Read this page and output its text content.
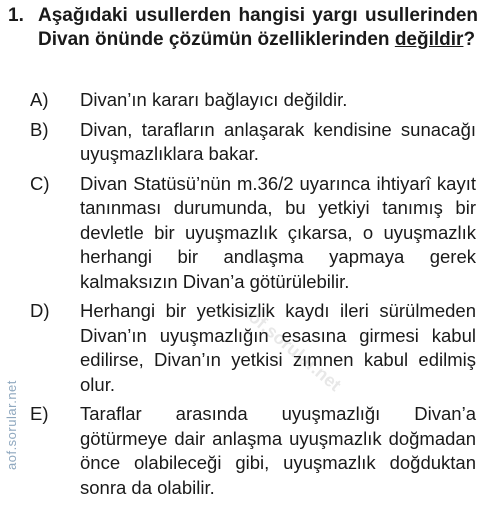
aof.sorular.net
aof.sorular.net
1. Aşağıdaki usullerden hangisi yargı usullerinden Divan önünde çözümün özelliklerinden değildir?
A) Divan’ın kararı bağlayıcı değildir.
B) Divan, tarafların anlaşarak kendisine sunacağı uyuşmazlıklara bakar.
C) Divan Statüsü’nün m.36/2 uyarınca ihtiyarî kayıt tanınması durumunda, bu yetkiyi tanımış bir devletle bir uyuşmazlık çıkarsa, o uyuşmazlık herhangi bir andlaşma yapmaya gerek kalmaksızın Divan’a götürülebilir.
D) Herhangi bir yetkisizlik kaydı ileri sürülmeden Divan’ın uyuşmazlığın esasına girmesi kabul edilirse, Divan’ın yetkisi zımnen kabul edilmiş olur.
E) Taraflar arasında uyuşmazlığı Divan’a götürmeye dair anlaşma uyuşmazlık doğmadan önce olabileceği gibi, uyuşmazlık doğduktan sonra da olabilir.
